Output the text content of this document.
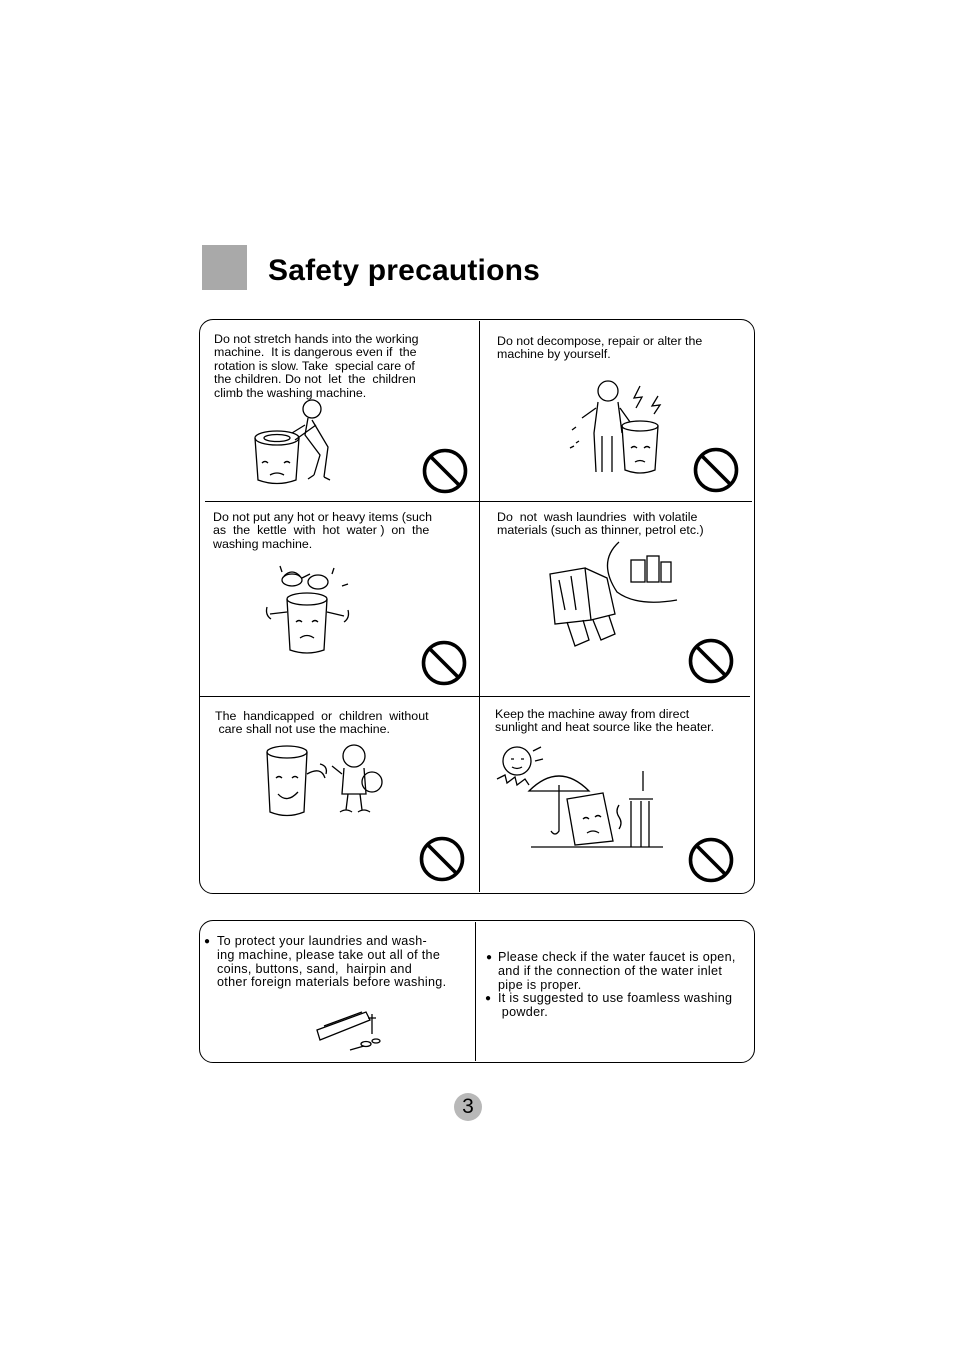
Safety precautions
Do not stretch hands into the working
machine.  It is dangerous even if  the
rotation is slow. Take  special care of
the children. Do not  let  the  children
climb the washing machine.
Do not decompose, repair or alter the
machine by yourself.
Do not put any hot or heavy items (such
as  the  kettle  with  hot  water )  on  the
washing machine.
Do  not  wash laundries  with volatile
materials (such as thinner, petrol etc.)
The  handicapped  or  children  without
care shall not use the machine.
Keep the machine away from direct
sunlight and heat source like the heater.
● To protect your laundries and wash-
ing machine, please take out all of the
coins, buttons, sand,  hairpin and
other foreign materials before washing.
● Please check if the water faucet is open,
and if the connection of the water inlet
pipe is proper.
● It is suggested to use foamless washing
powder.
3
